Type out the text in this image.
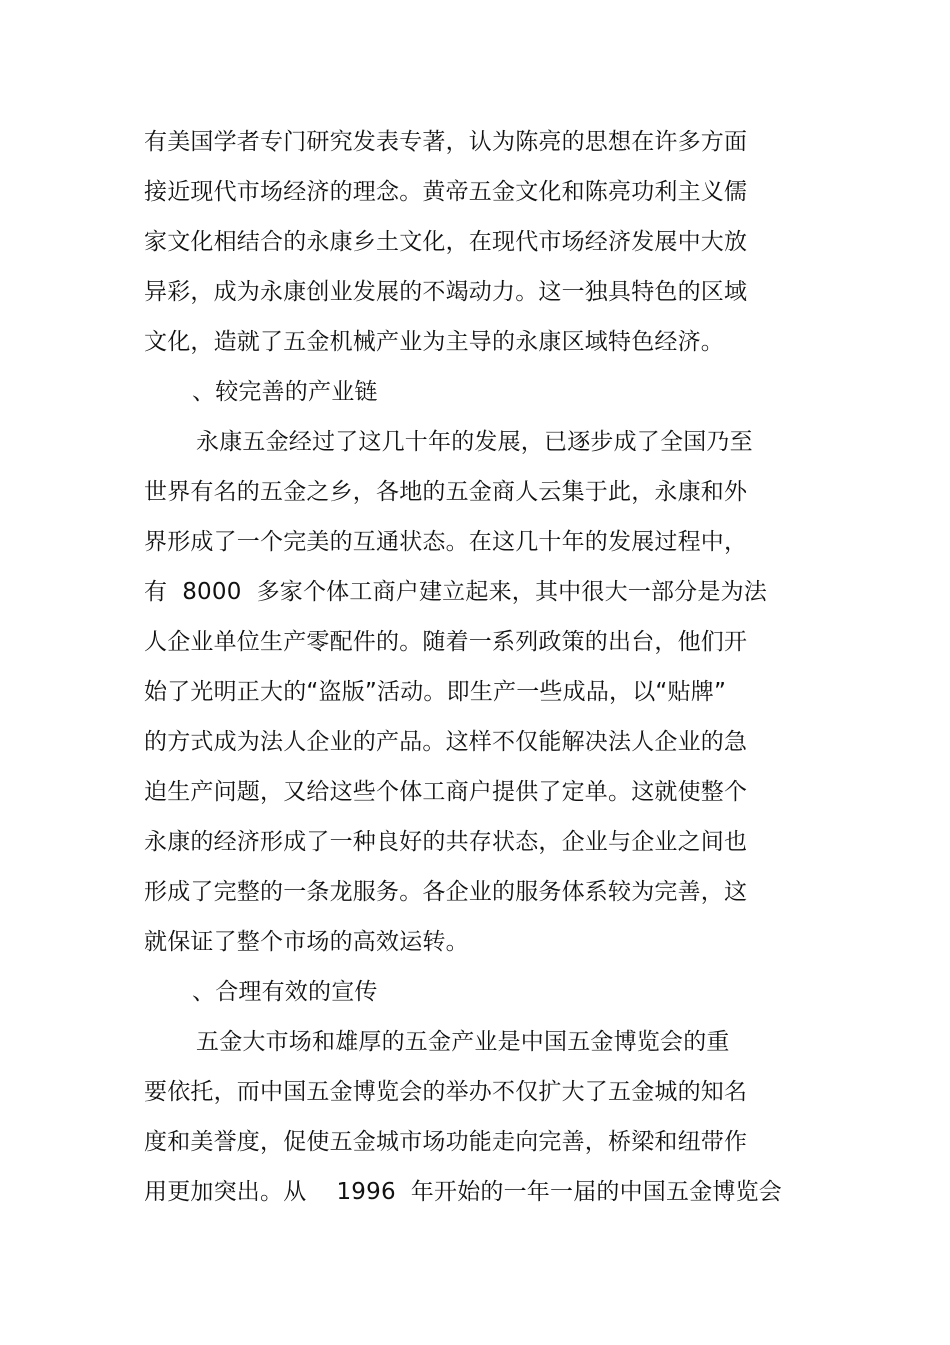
有美国学者专门研究发表专著，认为陈亮的思想在许多方面
接近现代市场经济的理念。黄帝五金文化和陈亮功利主义儒
家文化相结合的永康乡土文化，在现代市场经济发展中大放
异彩，成为永康创业发展的不竭动力。这一独具特色的区域
文化，造就了五金机械产业为主导的永康区域特色经济。
、较完善的产业链
永康五金经过了这几十年的发展，已逐步成了全国乃至
世界有名的五金之乡，各地的五金商人云集于此，永康和外
界形成了一个完美的互通状态。在这几十年的发展过程中，
有  8000  多家个体工商户建立起来，其中很大一部分是为法
人企业单位生产零配件的。随着一系列政策的出台，他们开
始了光明正大的“盗版”活动。即生产一些成品，以“贴牌”
的方式成为法人企业的产品。这样不仅能解决法人企业的急
迫生产问题，又给这些个体工商户提供了定单。这就使整个
永康的经济形成了一种良好的共存状态，企业与企业之间也
形成了完整的一条龙服务。各企业的服务体系较为完善，这
就保证了整个市场的高效运转。
、合理有效的宣传
五金大市场和雄厚的五金产业是中国五金博览会的重
要依托，而中国五金博览会的举办不仅扩大了五金城的知名
度和美誉度，促使五金城市场功能走向完善，桥梁和纽带作
用更加突出。从    1996  年开始的一年一届的中国五金博览会
